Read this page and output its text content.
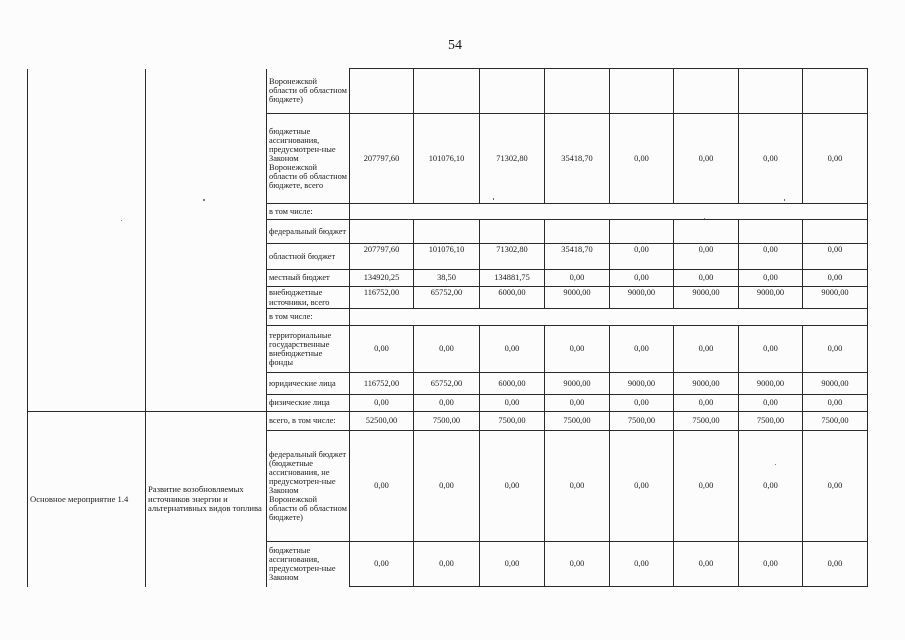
54
		Воронежской области об областном бюджете)								
		бюджетные ассигнования, предусмотрен-ные Законом Воронежской области об областном бюджете, всего	207797,60	101076,10	71302,80	35418,70	0,00	0,00	0,00	0,00
		в том числе:								
		федеральный бюджет								
		областной бюджет	207797,60	101076,10	71302,80	35418,70	0,00	0,00	0,00	0,00
		местный бюджет	134920,25	38,50	134881,75	0,00	0,00	0,00	0,00	0,00
		внебюджетные источники, всего	116752,00	65752,00	6000,00	9000,00	9000,00	9000,00	9000,00	9000,00
		в том числе:								
		территориальные государственные внебюджетные фонды	0,00	0,00	0,00	0,00	0,00	0,00	0,00	0,00
		юридические лица	116752,00	65752,00	6000,00	9000,00	9000,00	9000,00	9000,00	9000,00
		физические лица	0,00	0,00	0,00	0,00	0,00	0,00	0,00	0,00
Основное мероприятие 1.4	Развитие возобновляемых источников энергии и альтернативных видов топлива	всего, в том числе:	52500,00	7500,00	7500,00	7500,00	7500,00	7500,00	7500,00	7500,00
		федеральный бюджет (бюджетные ассигнования, не предусмотрен-ные Законом Воронежской области об областном бюджете)	0,00	0,00	0,00	0,00	0,00	0,00	0,00	0,00
		бюджетные ассигнования, предусмотрен-ные Законом	0,00	0,00	0,00	0,00	0,00	0,00	0,00	0,00
